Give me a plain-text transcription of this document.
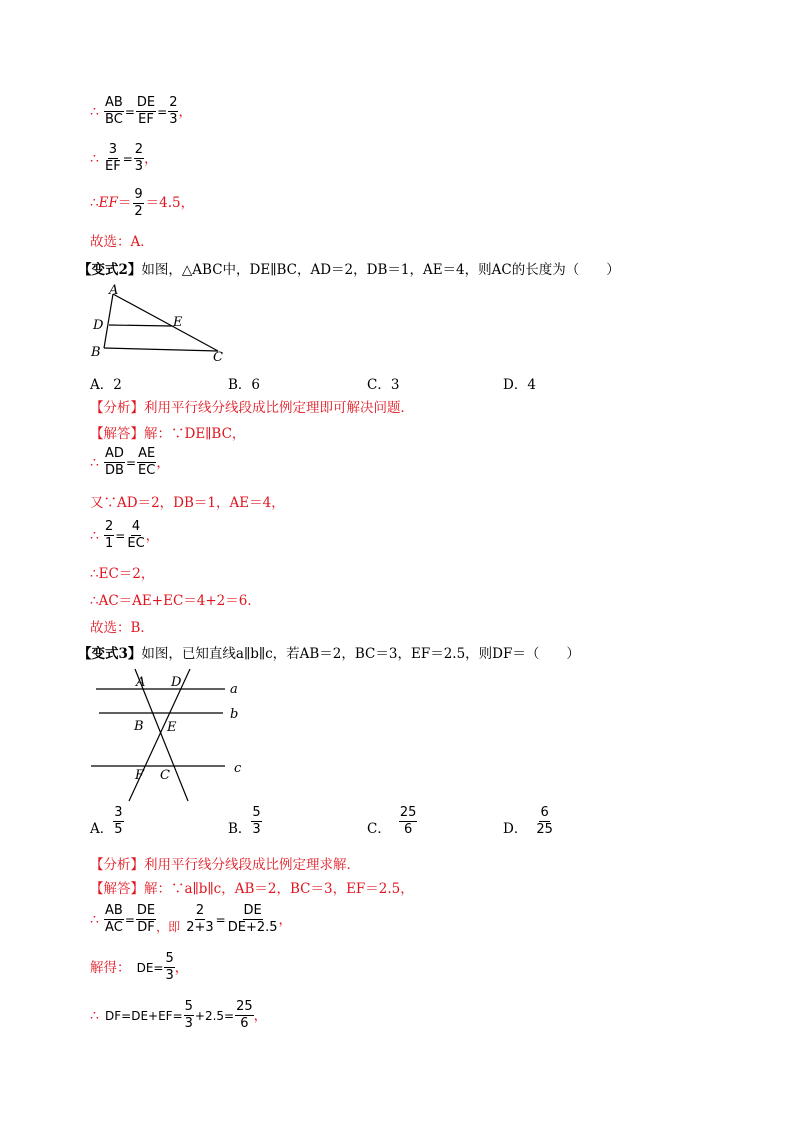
∴ $\frac{AB}{BC} = \frac{DE}{EF} = \frac{2}{3}$ ，
∴ $\frac{3}{EF} = \frac{2}{3}$ ，
∴EF＝ $\frac{9}{2} =4.5$，
故选：A．
【变式2】如图，△ABC中，DE∥BC，AD＝2，DB＝1，AE＝4，则AC的长度为（　　）
A
D	E
B	C
A．2	B．6	C．3	D．4
【分析】利用平行线分线段成比例定理即可解决问题．
【解答】解：∵DE∥BC，
∴ $\frac{AD}{DB} = \frac{AE}{EC}$ ，
又∵AD＝2，DB＝1，AE＝4，
∴ $\frac{2}{1} = \frac{4}{EC}$ ，
∴EC＝2，
∴AC＝AE+EC＝4+2＝6．
故选：B．
【变式3】如图，已知直线a∥b∥c，若AB＝2，BC＝3，EF＝2.5，则DF＝（　　）
A D	a
b
B E
c
F C
A． $\frac{3}{5}$	B． $\frac{5}{3}$	C． $\frac{25}{6}$	D． $\frac{6}{25}$
【分析】利用平行线分线段成比例定理求解．
【解答】解：∵a∥b∥c，AB＝2，BC＝3，EF＝2.5，
∴ $\frac{AB}{AC} = \frac{DE}{DF}$ ，即 $\frac{2}{2+3} = \frac{DE}{DE+2.5}$ ，
解得： $DE= \frac{5}{3}$ ，
∴ $DF=DE+EF= \frac{5}{3} +2.5= \frac{25}{6}$ ，
